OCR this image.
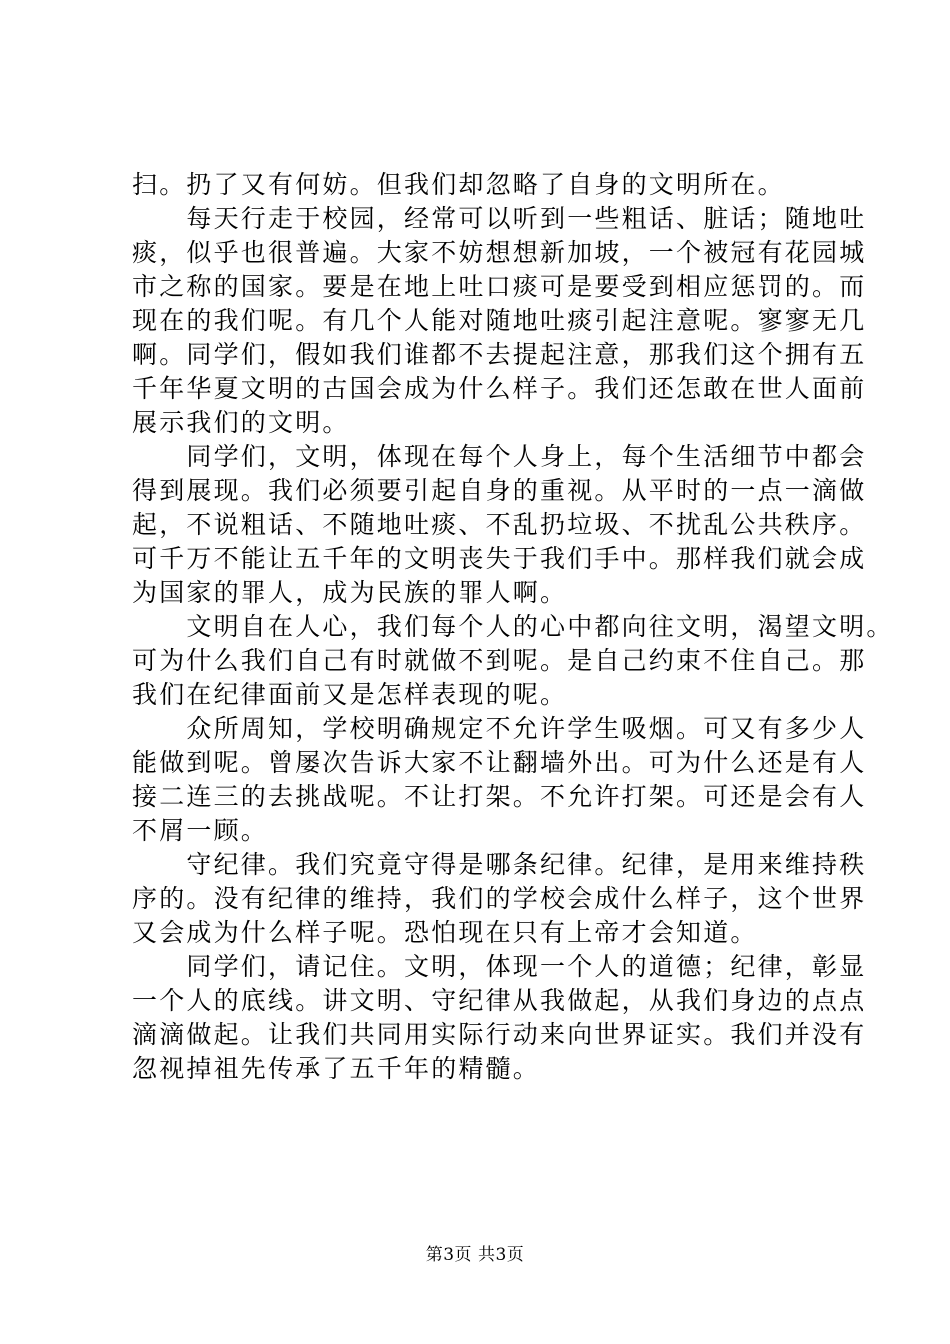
扫。扔了又有何妨。但我们却忽略了自身的文明所在。
　　每天行走于校园，经常可以听到一些粗话、脏话；随地吐
痰，似乎也很普遍。大家不妨想想新加坡，一个被冠有花园城
市之称的国家。要是在地上吐口痰可是要受到相应惩罚的。而
现在的我们呢。有几个人能对随地吐痰引起注意呢。寥寥无几
啊。同学们，假如我们谁都不去提起注意，那我们这个拥有五
千年华夏文明的古国会成为什么样子。我们还怎敢在世人面前
展示我们的文明。
　　同学们，文明，体现在每个人身上，每个生活细节中都会
得到展现。我们必须要引起自身的重视。从平时的一点一滴做
起，不说粗话、不随地吐痰、不乱扔垃圾、不扰乱公共秩序。
可千万不能让五千年的文明丧失于我们手中。那样我们就会成
为国家的罪人，成为民族的罪人啊。
　　文明自在人心，我们每个人的心中都向往文明，渴望文明。
可为什么我们自己有时就做不到呢。是自己约束不住自己。那
我们在纪律面前又是怎样表现的呢。
　　众所周知，学校明确规定不允许学生吸烟。可又有多少人
能做到呢。曾屡次告诉大家不让翻墙外出。可为什么还是有人
接二连三的去挑战呢。不让打架。不允许打架。可还是会有人
不屑一顾。
　　守纪律。我们究竟守得是哪条纪律。纪律，是用来维持秩
序的。没有纪律的维持，我们的学校会成什么样子，这个世界
又会成为什么样子呢。恐怕现在只有上帝才会知道。
　　同学们，请记住。文明，体现一个人的道德；纪律，彰显
一个人的底线。讲文明、守纪律从我做起，从我们身边的点点
滴滴做起。让我们共同用实际行动来向世界证实。我们并没有
忽视掉祖先传承了五千年的精髓。
第3页 共3页
